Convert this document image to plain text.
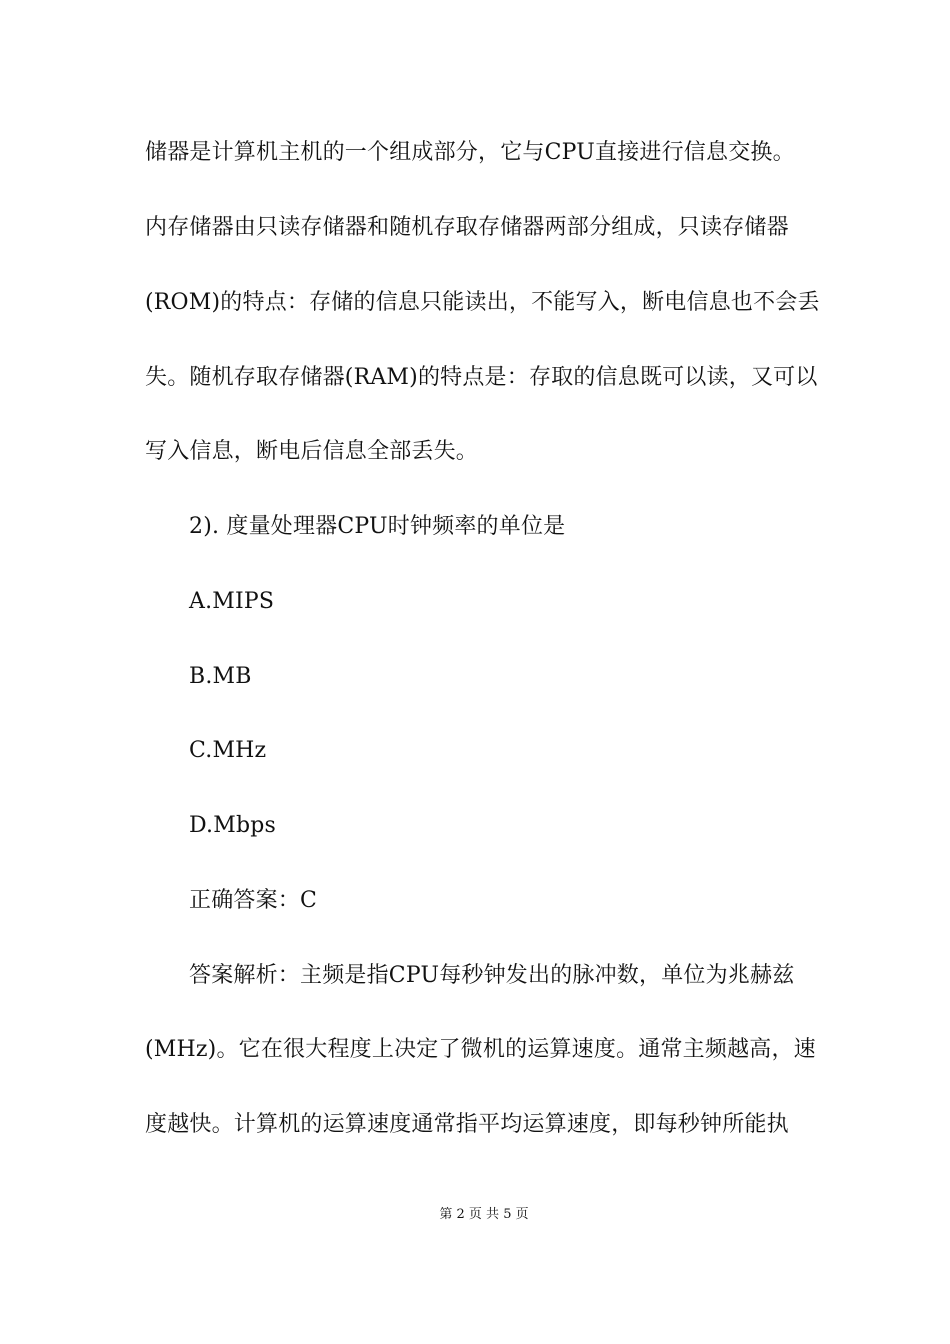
储器是计算机主机的一个组成部分，它与CPU直接进行信息交换。
内存储器由只读存储器和随机存取存储器两部分组成，只读存储器
(ROM)的特点：存储的信息只能读出，不能写入，断电信息也不会丢
失。随机存取存储器(RAM)的特点是：存取的信息既可以读，又可以
写入信息，断电后信息全部丢失。
2). 度量处理器CPU时钟频率的单位是
A.MIPS
B.MB
C.MHz
D.Mbps
正确答案：C
答案解析：主频是指CPU每秒钟发出的脉冲数，单位为兆赫兹
(MHz)。它在很大程度上决定了微机的运算速度。通常主频越高，速
度越快。计算机的运算速度通常指平均运算速度，即每秒钟所能执
第 2 页 共 5 页
